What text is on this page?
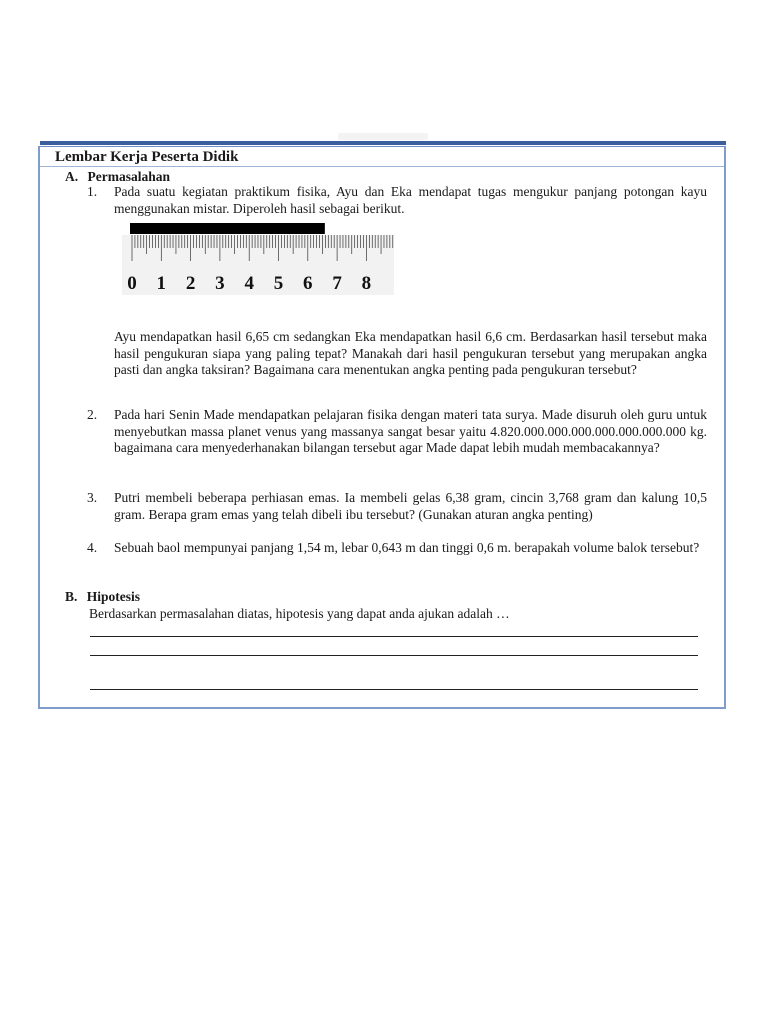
Lembar Kerja Peserta Didik
A. Permasalahan
1. Pada suatu kegiatan praktikum fisika, Ayu dan Eka mendapat tugas mengukur panjang potongan kayu menggunakan mistar. Diperoleh hasil sebagai berikut.
0 1 2 3 4 5 6 7 8
Ayu mendapatkan hasil 6,65 cm sedangkan Eka mendapatkan hasil 6,6 cm. Berdasarkan hasil tersebut maka hasil pengukuran siapa yang paling tepat? Manakah dari hasil pengukuran tersebut yang merupakan angka pasti dan angka taksiran? Bagaimana cara menentukan angka penting pada pengukuran tersebut?
2. Pada hari Senin Made mendapatkan pelajaran fisika dengan materi tata surya. Made disuruh oleh guru untuk menyebutkan massa planet venus yang massanya sangat besar yaitu 4.820.000.000.000.000.000.000.000 kg. bagaimana cara menyederhanakan bilangan tersebut agar Made dapat lebih mudah membacakannya?
3. Putri membeli beberapa perhiasan emas. Ia membeli gelas 6,38 gram, cincin 3,768 gram dan kalung 10,5 gram. Berapa gram emas yang telah dibeli ibu tersebut? (Gunakan aturan angka penting)
4. Sebuah baol mempunyai panjang 1,54 m, lebar 0,643 m dan tinggi 0,6 m. berapakah volume balok tersebut?
B. Hipotesis
Berdasarkan permasalahan diatas, hipotesis yang dapat anda ajukan adalah …
